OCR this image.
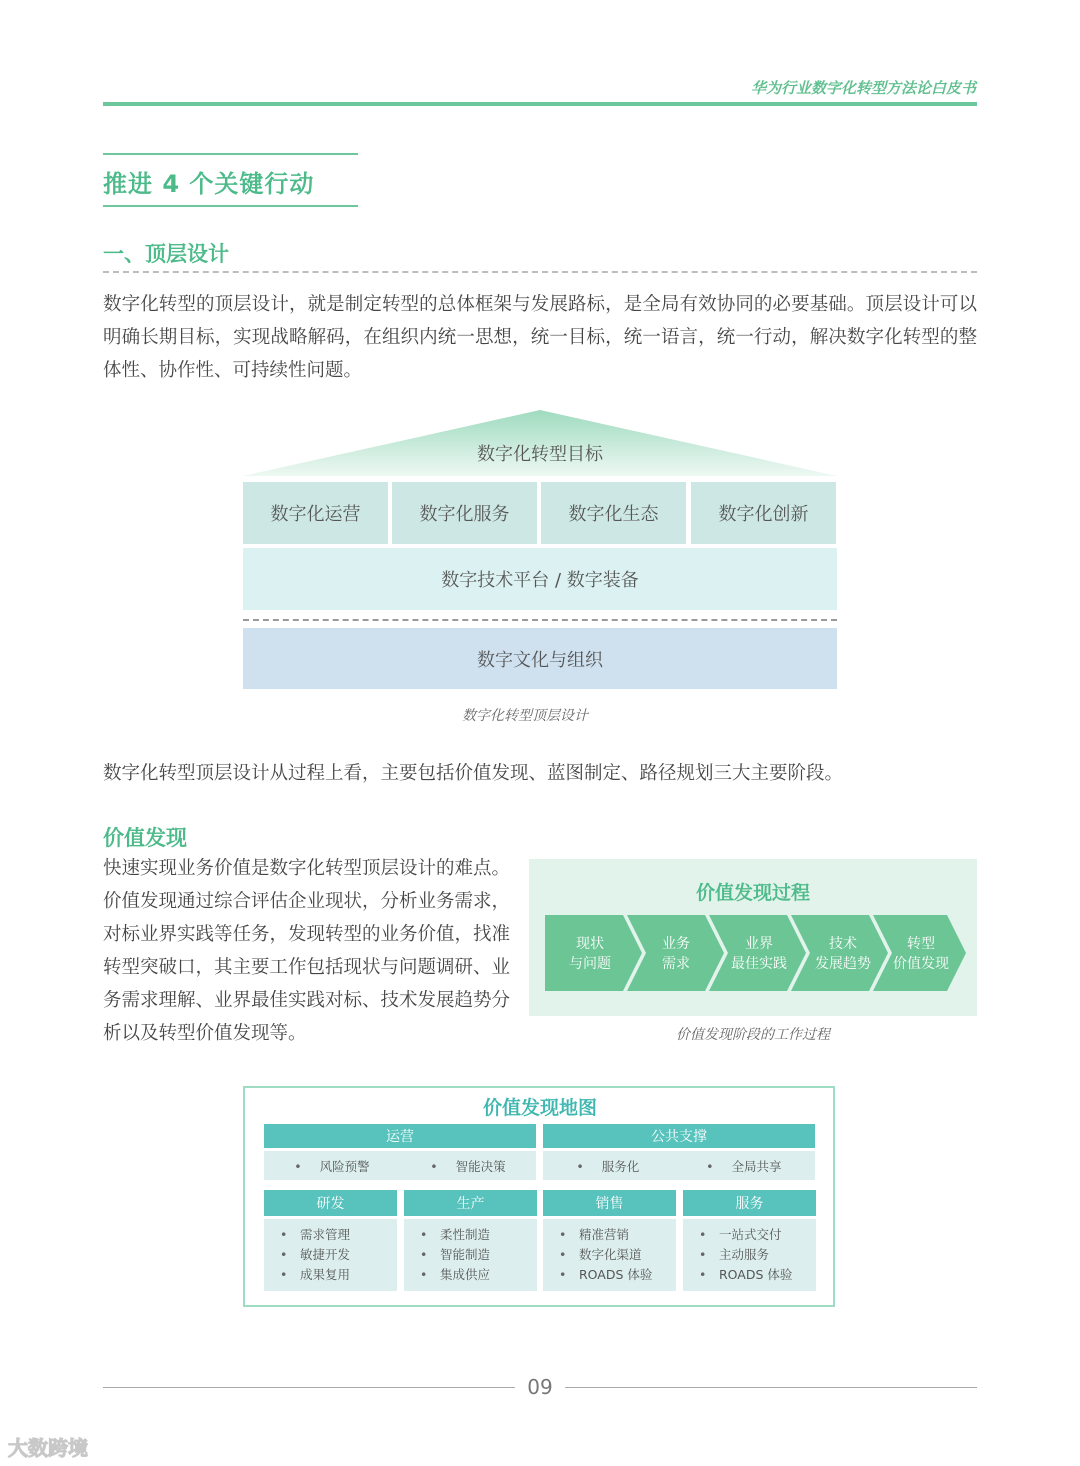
华为行业数字化转型方法论白皮书
推进 4 个关键行动
一、顶层设计
数字化转型的顶层设计，就是制定转型的总体框架与发展路标，是全局有效协同的必要基础。顶层设计可以明确长期目标，实现战略解码，在组织内统一思想，统一目标，统一语言，统一行动，解决数字化转型的整体性、协作性、可持续性问题。
数字化转型目标
数字化运营	数字化服务	数字化生态	数字化创新
数字技术平台 / 数字装备
数字文化与组织
数字化转型顶层设计
数字化转型顶层设计从过程上看，主要包括价值发现、蓝图制定、路径规划三大主要阶段。
价值发现
快速实现业务价值是数字化转型顶层设计的难点。价值发现通过综合评估企业现状，分析业务需求，对标业界实践等任务，发现转型的业务价值，找准转型突破口，其主要工作包括现状与问题调研、业务需求理解、业界最佳实践对标、技术发展趋势分析以及转型价值发现等。
价值发现过程
现状
与问题
业务
需求
业界
最佳实践
技术
发展趋势
转型
价值发现
价值发现阶段的工作过程
价值发现地图
运营
• 风险预警	• 智能决策
公共支撑
• 服务化	• 全局共享
研发
• 需求管理
• 敏捷开发
• 成果复用
生产
• 柔性制造
• 智能制造
• 集成供应
销售
• 精准营销
• 数字化渠道
• ROADS 体验
服务
• 一站式交付
• 主动服务
• ROADS 体验
09
大数跨境
